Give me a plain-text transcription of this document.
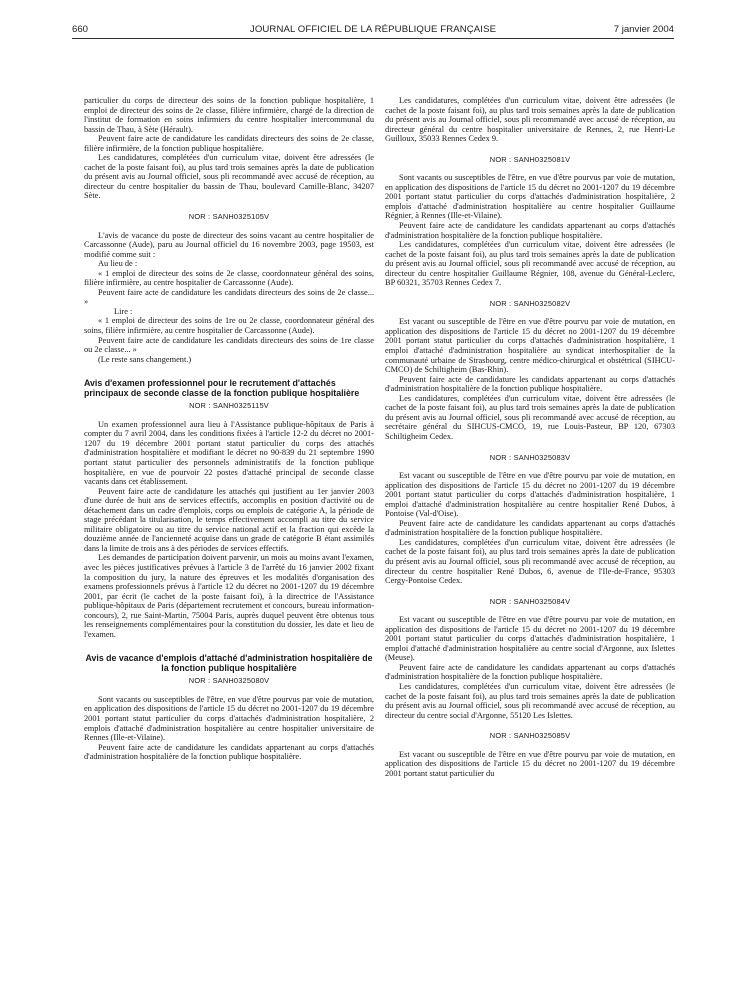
660	JOURNAL OFFICIEL DE LA RÉPUBLIQUE FRANÇAISE	7 janvier 2004

particulier du corps de directeur des soins de la fonction publique hospitalière, 1 emploi de directeur des soins de 2e classe, filière infirmière, chargé de la direction de l'institut de formation en soins infirmiers du centre hospitalier intercommunal du bassin de Thau, à Sète (Hérault).

Peuvent faire acte de candidature les candidats directeurs des soins de 2e classe, filière infirmière, de la fonction publique hospitalière.

Les candidatures, complétées d'un curriculum vitae, doivent être adressées (le cachet de la poste faisant foi), au plus tard trois semaines après la date de publication du présent avis au Journal officiel, sous pli recommandé avec accusé de réception, au directeur du centre hospitalier du bassin de Thau, boulevard Camille-Blanc, 34207 Sète.

NOR : SANH0325105V

L'avis de vacance du poste de directeur des soins vacant au centre hospitalier de Carcassonne (Aude), paru au Journal officiel du 16 novembre 2003, page 19503, est modifié comme suit :

Au lieu de :

« 1 emploi de directeur des soins de 2e classe, coordonnateur général des soins, filière infirmière, au centre hospitalier de Carcassonne (Aude).

Peuvent faire acte de candidature les candidats directeurs des soins de 2e classe... »

Lire :

« 1 emploi de directeur des soins de 1re ou 2e classe, coordonnateur général des soins, filière infirmière, au centre hospitalier de Carcassonne (Aude).

Peuvent faire acte de candidature les candidats directeurs des soins de 1re classe ou 2e classe... »

(Le reste sans changement.)

Avis d'examen professionnel pour le recrutement d'attachés principaux de seconde classe de la fonction publique hospitalière
NOR : SANH0325115V

Un examen professionnel aura lieu à l'Assistance publique-hôpitaux de Paris à compter du 7 avril 2004, dans les conditions fixées à l'article 12-2 du décret no 2001-1207 du 19 décembre 2001 portant statut particulier du corps des attachés d'administration hospitalière et modifiant le décret no 90-839 du 21 septembre 1990 portant statut particulier des personnels administratifs de la fonction publique hospitalière, en vue de pourvoir 22 postes d'attaché principal de seconde classe vacants dans cet établissement.

Peuvent faire acte de candidature les attachés qui justifient au 1er janvier 2003 d'une durée de huit ans de services effectifs, accomplis en position d'activité ou de détachement dans un cadre d'emplois, corps ou emplois de catégorie A, la période de stage précédant la titularisation, le temps effectivement accompli au titre du service militaire obligatoire ou au titre du service national actif et la fraction qui excède la douzième année de l'ancienneté acquise dans un grade de catégorie B étant assimilés dans la limite de trois ans à des périodes de services effectifs.

Les demandes de participation doivent parvenir, un mois au moins avant l'examen, avec les pièces justificatives prévues à l'article 3 de l'arrêté du 16 janvier 2002 fixant la composition du jury, la nature des épreuves et les modalités d'organisation des examens professionnels prévus à l'article 12 du décret no 2001-1207 du 19 décembre 2001, par écrit (le cachet de la poste faisant foi), à la directrice de l'Assistance publique-hôpitaux de Paris (département recrutement et concours, bureau information-concours), 2, rue Saint-Martin, 75004 Paris, auprès duquel peuvent être obtenus tous les renseignements complémentaires pour la constitution du dossier, les date et lieu de l'examen.

Avis de vacance d'emplois d'attaché d'administration hospitalière de la fonction publique hospitalière
NOR : SANH0325080V

Sont vacants ou susceptibles de l'être, en vue d'être pourvus par voie de mutation, en application des dispositions de l'article 15 du décret no 2001-1207 du 19 décembre 2001 portant statut particulier du corps d'attachés d'administration hospitalière, 2 emplois d'attaché d'administration hospitalière au centre hospitalier universitaire de Rennes (Ille-et-Vilaine).

Peuvent faire acte de candidature les candidats appartenant au corps d'attachés d'administration hospitalière de la fonction publique hospitalière.

Les candidatures, complétées d'un curriculum vitae, doivent être adressées (le cachet de la poste faisant foi), au plus tard trois semaines après la date de publication du présent avis au Journal officiel, sous pli recommandé avec accusé de réception, au directeur général du centre hospitalier universitaire de Rennes, 2, rue Henri-Le Guilloux, 35033 Rennes Cedex 9.

NOR : SANH0325081V

Sont vacants ou susceptibles de l'être, en vue d'être pourvus par voie de mutation, en application des dispositions de l'article 15 du décret no 2001-1207 du 19 décembre 2001 portant statut particulier du corps d'attachés d'administration hospitalière, 2 emplois d'attaché d'administration hospitalière au centre hospitalier Guillaume Régnier, à Rennes (Ille-et-Vilaine).

Peuvent faire acte de candidature les candidats appartenant au corps d'attachés d'administration hospitalière de la fonction publique hospitalière.

Les candidatures, complétées d'un curriculum vitae, doivent être adressées (le cachet de la poste faisant foi), au plus tard trois semaines après la date de publication du présent avis au Journal officiel, sous pli recommandé avec accusé de réception, au directeur du centre hospitalier Guillaume Régnier, 108, avenue du Général-Leclerc, BP 60321, 35703 Rennes Cedex 7.

NOR : SANH0325082V

Est vacant ou susceptible de l'être en vue d'être pourvu par voie de mutation, en application des dispositions de l'article 15 du décret no 2001-1207 du 19 décembre 2001 portant statut particulier du corps d'attachés d'administration hospitalière, 1 emploi d'attaché d'administration hospitalière au syndicat interhospitalier de la communauté urbaine de Strasbourg, centre médico-chirurgical et obstétrical (SIHCU-CMCO) de Schiltigheim (Bas-Rhin).

Peuvent faire acte de candidature les candidats appartenant au corps d'attachés d'administration hospitalière de la fonction publique hospitalière.

Les candidatures, complétées d'un curriculum vitae, doivent être adressées (le cachet de la poste faisant foi), au plus tard trois semaines après la date de publication du présent avis au Journal officiel, sous pli recommandé avec accusé de réception, au secrétaire général du SIHCUS-CMCO, 19, rue Louis-Pasteur, BP 120, 67303 Schiltigheim Cedex.

NOR : SANH0325083V

Est vacant ou susceptible de l'être en vue d'être pourvu par voie de mutation, en application des dispositions de l'article 15 du décret no 2001-1207 du 19 décembre 2001 portant statut particulier du corps d'attachés d'administration hospitalière, 1 emploi d'attaché d'administration hospitalière au centre hospitalier René Dubos, à Pontoise (Val-d'Oise).

Peuvent faire acte de candidature les candidats appartenant au corps d'attachés d'administration hospitalière de la fonction publique hospitalière.

Les candidatures, complétées d'un curriculum vitae, doivent être adressées (le cachet de la poste faisant foi), au plus tard trois semaines après la date de publication du présent avis au Journal officiel, sous pli recommandé avec accusé de réception, au directeur du centre hospitalier René Dubos, 6, avenue de l'Ile-de-France, 95303 Cergy-Pontoise Cedex.

NOR : SANH0325084V

Est vacant ou susceptible de l'être en vue d'être pourvu par voie de mutation, en application des dispositions de l'article 15 du décret no 2001-1207 du 19 décembre 2001 portant statut particulier du corps d'attachés d'administration hospitalière, 1 emploi d'attaché d'administration hospitalière au centre social d'Argonne, aux Islettes (Meuse).

Peuvent faire acte de candidature les candidats appartenant au corps d'attachés d'administration hospitalière de la fonction publique hospitalière.

Les candidatures, complétées d'un curriculum vitae, doivent être adressées (le cachet de la poste faisant foi), au plus tard trois semaines après la date de publication du présent avis au Journal officiel, sous pli recommandé avec accusé de réception, au directeur du centre social d'Argonne, 55120 Les Islettes.

NOR : SANH0325085V

Est vacant ou susceptible de l'être en vue d'être pourvu par voie de mutation, en application des dispositions de l'article 15 du décret no 2001-1207 du 19 décembre 2001 portant statut particulier du
